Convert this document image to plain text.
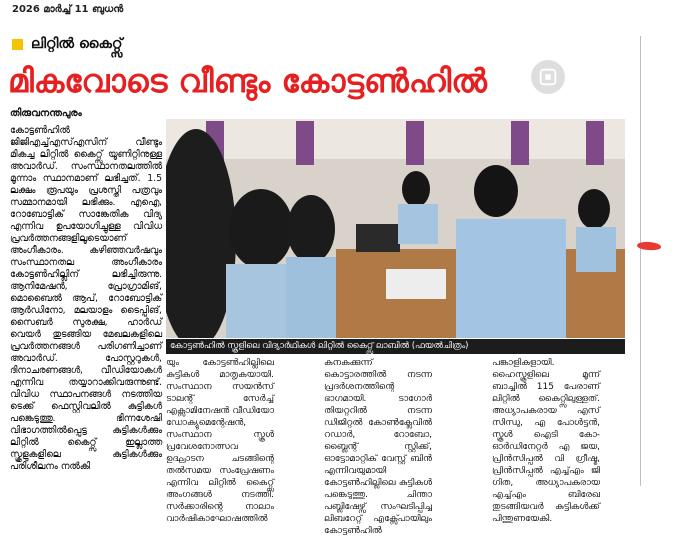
2026 മാർച്ച് 11 ബുധൻ
ലിറ്റിൽ കൈറ്റ്സ്
മികവോടെ വീണ്ടും കോട്ടൺഹിൽ
തിരുവനന്തപുരം
കോട്ടൺഹിൽ ജിജിഎച്ച്എസ്എസിന് വീണ്ടും മികച്ച ലിറ്റിൽ കൈറ്റ്സ് യൂണിറ്റിനുള്ള അവാർഡ്. സംസ്ഥാനതലത്തിൽ മൂന്നാം സ്ഥാനമാണ് ലഭിച്ചത്. 1.5 ലക്ഷം രൂപയും പ്രശസ്തി പത്രവും സമ്മാനമായി ലഭിക്കും. എഐ, റോബോട്ടിക് സാങ്കേതിക വിദ്യ എന്നിവ ഉപയോഗിച്ചുള്ള വിവിധ പ്രവർത്തനങ്ങളിലൂടെയാണ് അംഗീകാരം. കഴിഞ്ഞവർഷവും സംസ്ഥാനതല അംഗീകാരം കോട്ടൺഹില്ലിന് ലഭിച്ചിരുന്നു. ആനിമേഷൻ, പ്രോഗ്രാമിങ്, മൊബൈൽ ആപ്, റോബോട്ടിക് ആർഡിനോ, മലയാളം ടൈപ്പിങ്, സൈബർ സുരക്ഷ, ഹാർഡ് വെയർ തുടങ്ങിയ മേഖലകളിലെ പ്രവർത്തനങ്ങൾ പരിഗണിച്ചാണ് അവാർഡ്. പോസ്റ്ററുകൾ, ദിനാചരണങ്ങൾ, വീഡിയോകൾ എന്നിവ തയ്യാറാക്കിവരുന്നുണ്ട്. വിവിധ സ്ഥാപനങ്ങൾ നടത്തിയ ടെക്ക് ഫെസ്റ്റിവലിൽ കുട്ടികൾ പങ്കെടുത്തു. ഭിന്നശേഷി വിഭാഗത്തിൽപ്പെട്ട കുട്ടികൾക്കും ലിറ്റിൽ കൈറ്റ്സ് ഇല്ലാത്ത സ്കൂളുകളിലെ കുട്ടികൾക്കും പരിശീലനം നൽകി
കോട്ടൺഹിൽ സ്കൂളിലെ വിദ്യാർഥികൾ ലിറ്റിൽ കൈറ്റ്സ് ലാബിൽ (ഫയൽചിത്രം)
യും കോട്ടൺഹില്ലിലെ കുട്ടികൾ മാതൃകയായി. സംസ്ഥാന സയൻസ് ടാലന്റ് സേർച്ച് എക്സാമിനേഷൻ വീഡിയോ ഡോക്യുമെന്റേഷൻ, സംസ്ഥാന സ്കൂൾ പ്രവേശനോത്സവ ഉദ്ഘാടന ചടങ്ങിന്റെ തൽസമയ സംപ്രേഷണം എന്നിവ ലിറ്റിൽ കൈറ്റ്സ് അംഗങ്ങൾ നടത്തി. സർക്കാരിന്റെ നാലാം വാർഷികാഘോഷത്തിൽ
കനകക്കുന്ന് കൊട്ടാരത്തിൽ നടന്ന പ്രദർശനത്തിന്റെ ഭാഗമായി. ടാഗോർ തിയറ്ററിൽ നടന്ന ഡിജിറ്റൽ കോൺക്ലേവിൽ റഡാർ, റോബോ, ബ്ലൈന്റ് സ്റ്റിക്ക്, ഓട്ടോമാറ്റിക് വേസ്റ്റ് ബിൻ എന്നിവയുമായി കോട്ടൺഹില്ലിലെ കുട്ടികൾ പങ്കെടുത്തു. ചിന്താ പബ്ലിഷേഴ്സ് സംഘടിപ്പിച്ച ലിബറേറ്റ് എക്സ്പോയിലും കോട്ടൺഹിൽ
പങ്കാളികളായി. ഹൈസ്കൂളിലെ മൂന്ന് ബാച്ചിൽ 115 പേരാണ് ലിറ്റിൽ കൈറ്റ്സിലുള്ളത്. അധ്യാപകരായ എസ് സിന്ധു, എ പോൾട്ടൻ, സ്കൂൾ ഐടി കോ-ഓർഡിനേറ്റർ എ ജയ, പ്രിൻസിപ്പൽ വി ഗ്രീഷ്മ, പ്രിൻസിപ്പൽ എച്ച്എം ജി ഗിത, അധ്യാപകരായ എച്ച്എം ബിരേഖ തുടങ്ങിയവർ കുട്ടികൾക്ക് പിന്തുണയേകി.
